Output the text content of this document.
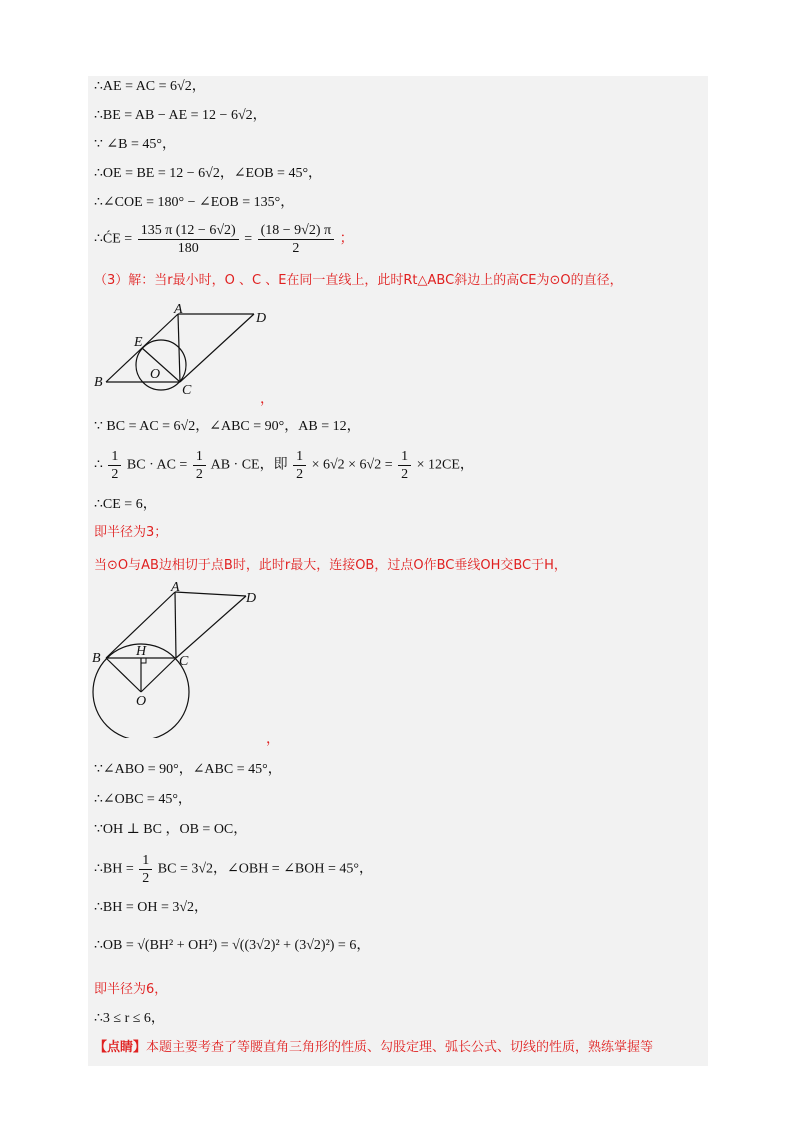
∴AE = AC = 6√2，
∴BE = AB − AE = 12 − 6√2，
∵ ∠B = 45°，
∴OE = BE = 12 − 6√2，∠EOB = 45°，
∴∠COE = 180° − ∠EOB = 135°，
∴ĆE = $\frac{135 \pi (12 - 6√2)}{180} = \frac{(18 - 9√2) \pi}{2}$ ；
（3）解：当r最小时，O 、C 、E在同一直线上，此时Rt△ABC斜边上的高CE为⊙O的直径，
A
B
C
D
E
O
，
∵ BC = AC = 6√2，∠ABC = 90°，AB = 12，
∴ $\frac{1}{2}$ BC · AC = $\frac{1}{2}$ AB · CE，即 $\frac{1}{2} \times 6√2 \times 6√2 = \frac{1}{2} \times 12CE$，
∴CE = 6，
即半径为3；
当⊙O与AB边相切于点B时，此时r最大，连接OB，过点O作BC垂线OH交BC于H，
A
B	C
D
H
O
，
∵∠ABO = 90°，∠ABC = 45°，
∴∠OBC = 45°，
∵OH ⊥ BC ，OB = OC，
∴BH = $\frac{1}{2}$ BC = 3√2，∠OBH = ∠BOH = 45°，
∴BH = OH = 3√2，
∴OB = √(BH² + OH²) = √((3√2)² + (3√2)²) = 6，
即半径为6，
∴3 ≤ r ≤ 6，
【点睛】本题主要考查了等腰直角三角形的性质、勾股定理、弧长公式、切线的性质，熟练掌握等
